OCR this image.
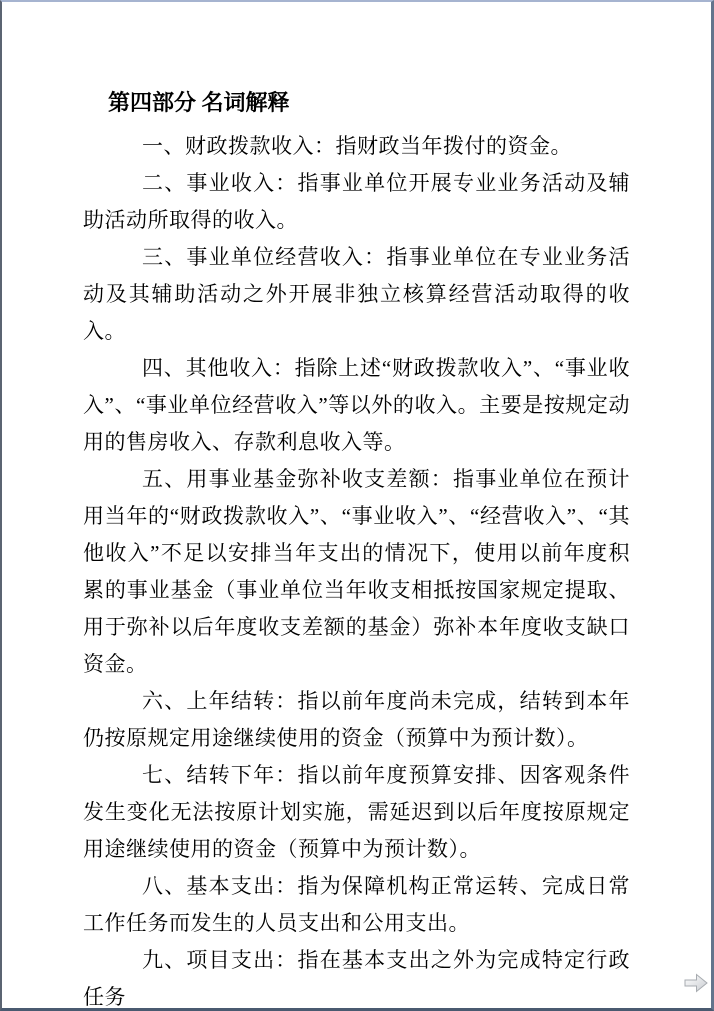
第四部分 名词解释

一、财政拨款收入：指财政当年拨付的资金。

二、事业收入：指事业单位开展专业业务活动及辅助活动所取得的收入。

三、事业单位经营收入：指事业单位在专业业务活动及其辅助活动之外开展非独立核算经营活动取得的收入。

四、其他收入：指除上述“财政拨款收入”、“事业收入”、“事业单位经营收入”等以外的收入。主要是按规定动用的售房收入、存款利息收入等。

五、用事业基金弥补收支差额：指事业单位在预计用当年的“财政拨款收入”、“事业收入”、“经营收入”、“其他收入”不足以安排当年支出的情况下，使用以前年度积累的事业基金（事业单位当年收支相抵按国家规定提取、用于弥补以后年度收支差额的基金）弥补本年度收支缺口资金。

六、上年结转：指以前年度尚未完成，结转到本年仍按原规定用途继续使用的资金（预算中为预计数）。

七、结转下年：指以前年度预算安排、因客观条件发生变化无法按原计划实施，需延迟到以后年度按原规定用途继续使用的资金（预算中为预计数）。

八、基本支出：指为保障机构正常运转、完成日常工作任务而发生的人员支出和公用支出。

九、项目支出：指在基本支出之外为完成特定行政任务
